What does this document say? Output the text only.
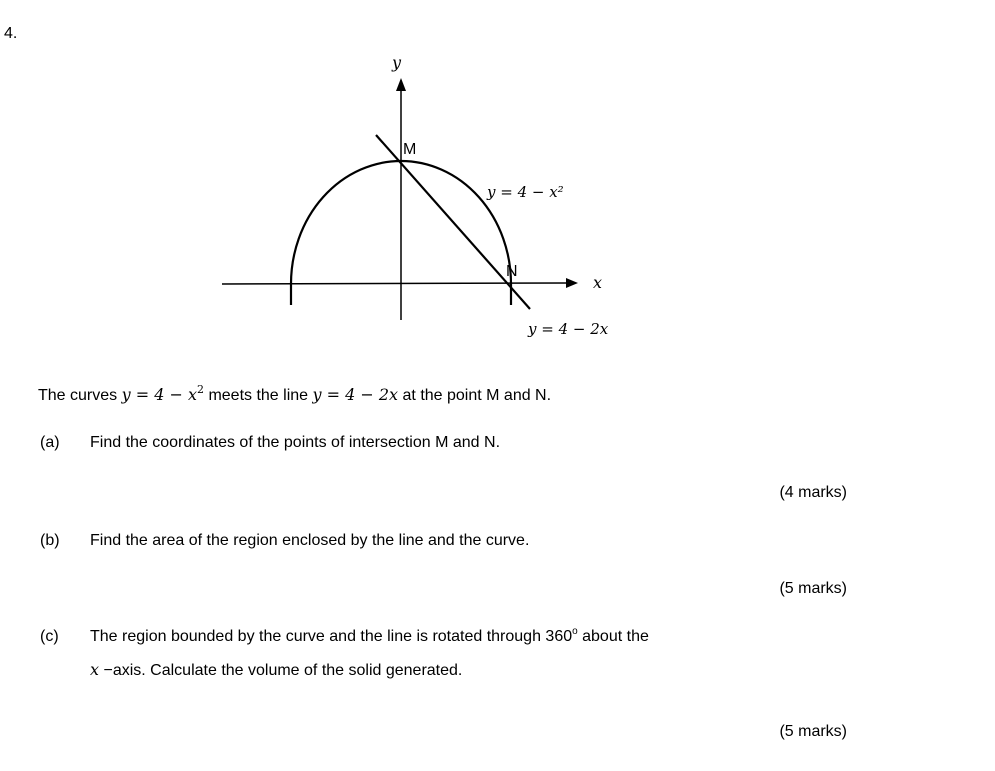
4.
y
x
M
N
y = 4 − x²
y = 4 − 2x
The curves $y = 4 - x^2$ meets the line y = 4 − 2x at the point M and N.
(a) Find the coordinates of the points of intersection M and N.
(4 marks)
(b) Find the area of the region enclosed by the line and the curve.
(5 marks)
(c) The region bounded by the curve and the line is rotated through 360$^o$ about the
x −axis. Calculate the volume of the solid generated.
(5 marks)
